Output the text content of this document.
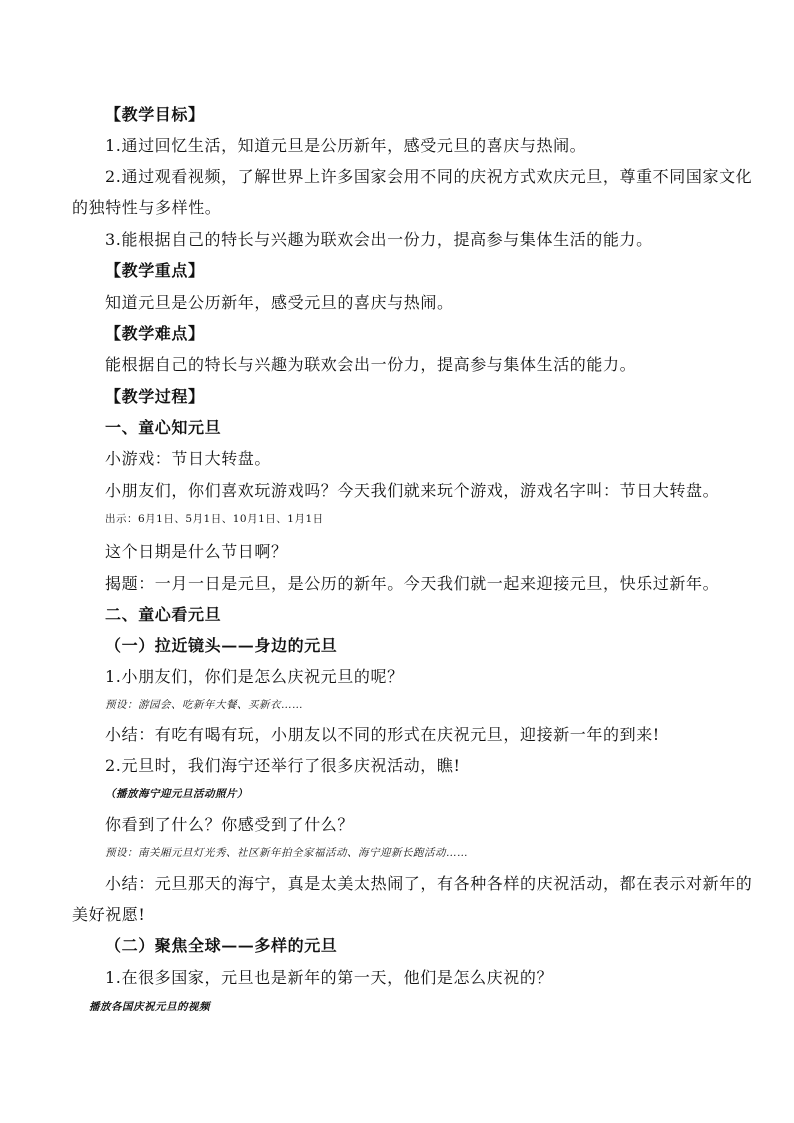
【教学目标】
1.通过回忆生活，知道元旦是公历新年，感受元旦的喜庆与热闹。
2.通过观看视频，了解世界上许多国家会用不同的庆祝方式欢庆元旦，尊重不同国家文化
的独特性与多样性。
3.能根据自己的特长与兴趣为联欢会出一份力，提高参与集体生活的能力。
【教学重点】
知道元旦是公历新年，感受元旦的喜庆与热闹。
【教学难点】
能根据自己的特长与兴趣为联欢会出一份力，提高参与集体生活的能力。
【教学过程】
一、童心知元旦
小游戏：节日大转盘。
小朋友们，你们喜欢玩游戏吗？今天我们就来玩个游戏，游戏名字叫：节日大转盘。
出示：6月1日、5月1日、10月1日、1月1日
这个日期是什么节日啊？
揭题：一月一日是元旦，是公历的新年。今天我们就一起来迎接元旦，快乐过新年。
二、童心看元旦
（一）拉近镜头——身边的元旦
1.小朋友们，你们是怎么庆祝元旦的呢？
预设：游园会、吃新年大餐、买新衣……
小结：有吃有喝有玩，小朋友以不同的形式在庆祝元旦，迎接新一年的到来!
2.元旦时，我们海宁还举行了很多庆祝活动，瞧!
（播放海宁迎元旦活动照片）
你看到了什么？你感受到了什么？
预设：南关厢元旦灯光秀、社区新年拍全家福活动、海宁迎新长跑活动……
小结：元旦那天的海宁，真是太美太热闹了，有各种各样的庆祝活动，都在表示对新年的
美好祝愿!
（二）聚焦全球——多样的元旦
1.在很多国家，元旦也是新年的第一天，他们是怎么庆祝的？
播放各国庆祝元旦的视频
